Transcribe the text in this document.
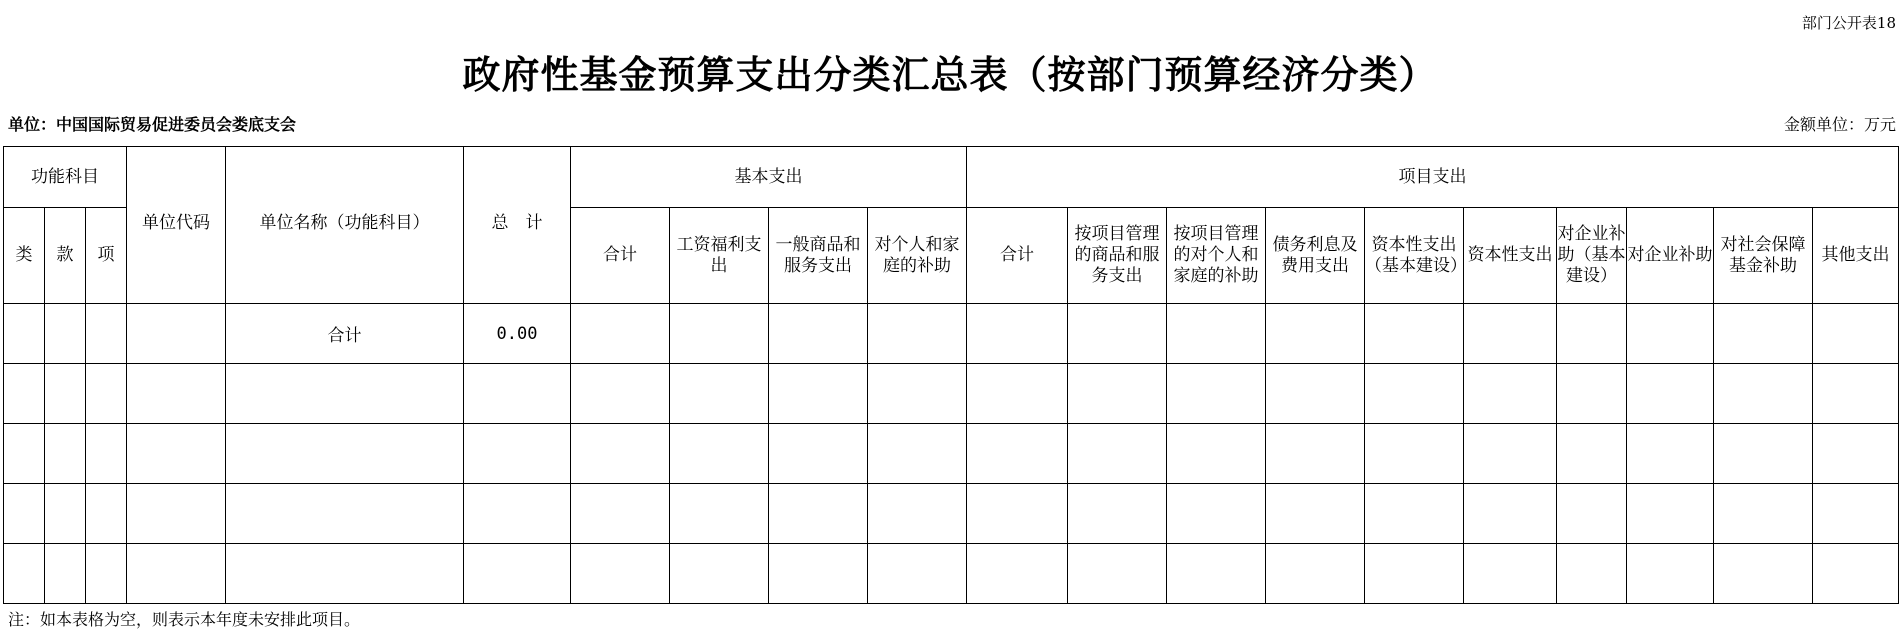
部门公开表18
政府性基金预算支出分类汇总表（按部门预算经济分类）
单位：中国国际贸易促进委员会娄底支会	金额单位：万元
功能科目			单位代码	单位名称（功能科目）	总　计	基本支出				项目支出									
类	款	项				合计	工资福利支出	一般商品和服务支出	对个人和家庭的补助	合计	按项目管理的商品和服务支出	按项目管理的对个人和家庭的补助	债务利息及费用支出	资本性支出（基本建设）	资本性支出	对企业补助（基本建设）	对企业补助	对社会保障基金补助	其他支出
				合计	0.00														

注：如本表格为空，则表示本年度未安排此项目。
